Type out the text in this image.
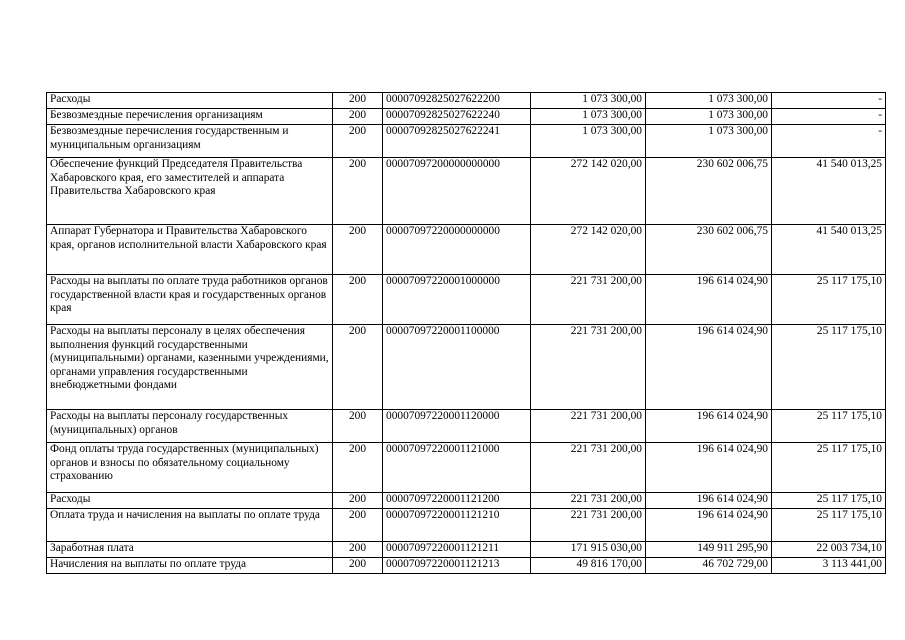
Расходы	200	00007092825027622200	1 073 300,00	1 073 300,00	-
Безвозмездные перечисления организациям	200	00007092825027622240	1 073 300,00	1 073 300,00	-
Безвозмездные перечисления государственным и муниципальным организациям	200	00007092825027622241	1 073 300,00	1 073 300,00	-
Обеспечение функций Председателя Правительства Хабаровского края, его заместителей и аппарата Правительства Хабаровского края	200	00007097200000000000	272 142 020,00	230 602 006,75	41 540 013,25
Аппарат Губернатора и Правительства Хабаровского края, органов исполнительной власти Хабаровского края	200	00007097220000000000	272 142 020,00	230 602 006,75	41 540 013,25
Расходы на выплаты по оплате труда работников органов государственной власти края и государственных органов края	200	00007097220001000000	221 731 200,00	196 614 024,90	25 117 175,10
Расходы на выплаты персоналу в целях обеспечения выполнения функций государственными (муниципальными) органами, казенными учреждениями, органами управления государственными внебюджетными фондами	200	00007097220001100000	221 731 200,00	196 614 024,90	25 117 175,10
Расходы на выплаты персоналу государственных (муниципальных) органов	200	00007097220001120000	221 731 200,00	196 614 024,90	25 117 175,10
Фонд оплаты труда государственных (муниципальных) органов и взносы по обязательному социальному страхованию	200	00007097220001121000	221 731 200,00	196 614 024,90	25 117 175,10
Расходы	200	00007097220001121200	221 731 200,00	196 614 024,90	25 117 175,10
Оплата труда и начисления на выплаты по оплате труда	200	00007097220001121210	221 731 200,00	196 614 024,90	25 117 175,10
Заработная плата	200	00007097220001121211	171 915 030,00	149 911 295,90	22 003 734,10
Начисления на выплаты по оплате труда	200	00007097220001121213	49 816 170,00	46 702 729,00	3 113 441,00
